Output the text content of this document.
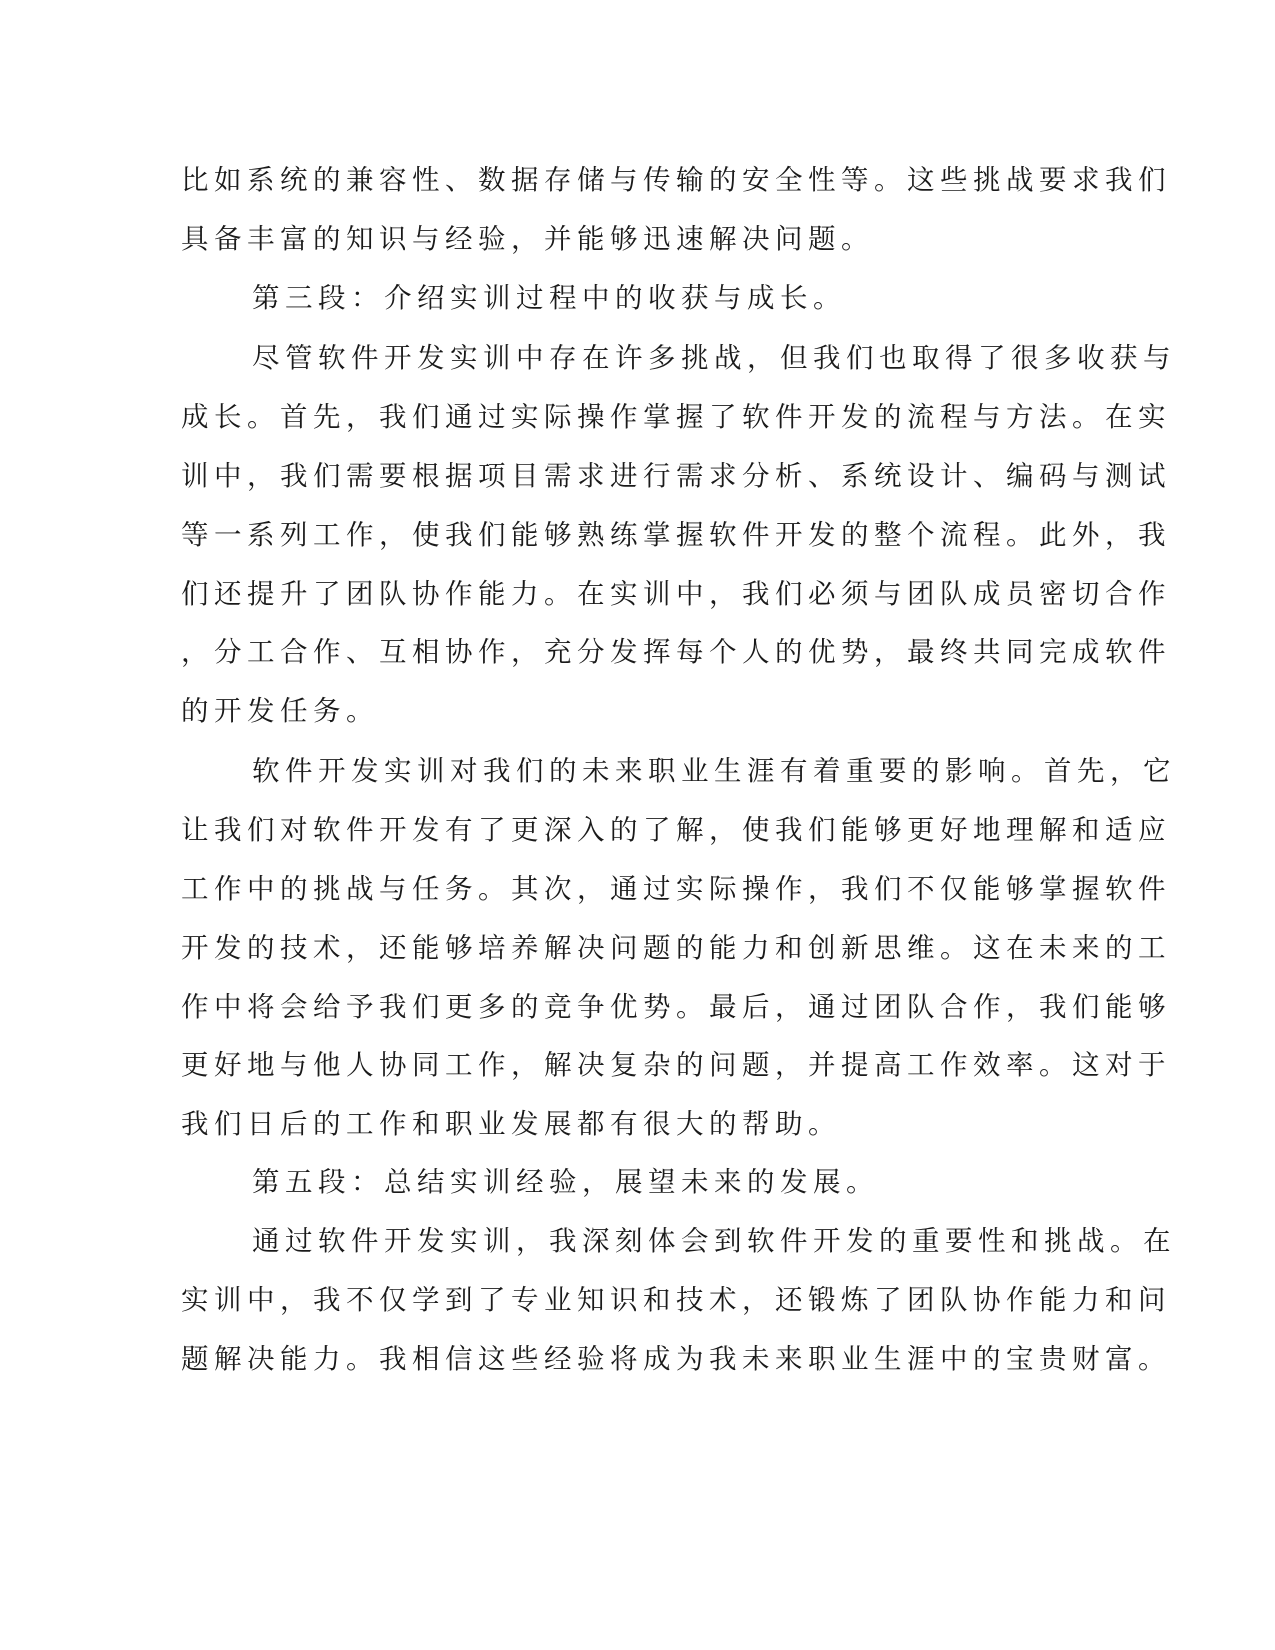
比如系统的兼容性、数据存储与传输的安全性等。这些挑战要求我们

具备丰富的知识与经验，并能够迅速解决问题。

第三段：介绍实训过程中的收获与成长。

尽管软件开发实训中存在许多挑战，但我们也取得了很多收获与

成长。首先，我们通过实际操作掌握了软件开发的流程与方法。在实

训中，我们需要根据项目需求进行需求分析、系统设计、编码与测试

等一系列工作，使我们能够熟练掌握软件开发的整个流程。此外，我

们还提升了团队协作能力。在实训中，我们必须与团队成员密切合作

，分工合作、互相协作，充分发挥每个人的优势，最终共同完成软件

的开发任务。

软件开发实训对我们的未来职业生涯有着重要的影响。首先，它

让我们对软件开发有了更深入的了解，使我们能够更好地理解和适应

工作中的挑战与任务。其次，通过实际操作，我们不仅能够掌握软件

开发的技术，还能够培养解决问题的能力和创新思维。这在未来的工

作中将会给予我们更多的竞争优势。最后，通过团队合作，我们能够

更好地与他人协同工作，解决复杂的问题，并提高工作效率。这对于

我们日后的工作和职业发展都有很大的帮助。

第五段：总结实训经验，展望未来的发展。

通过软件开发实训，我深刻体会到软件开发的重要性和挑战。在

实训中，我不仅学到了专业知识和技术，还锻炼了团队协作能力和问

题解决能力。我相信这些经验将成为我未来职业生涯中的宝贵财富。
